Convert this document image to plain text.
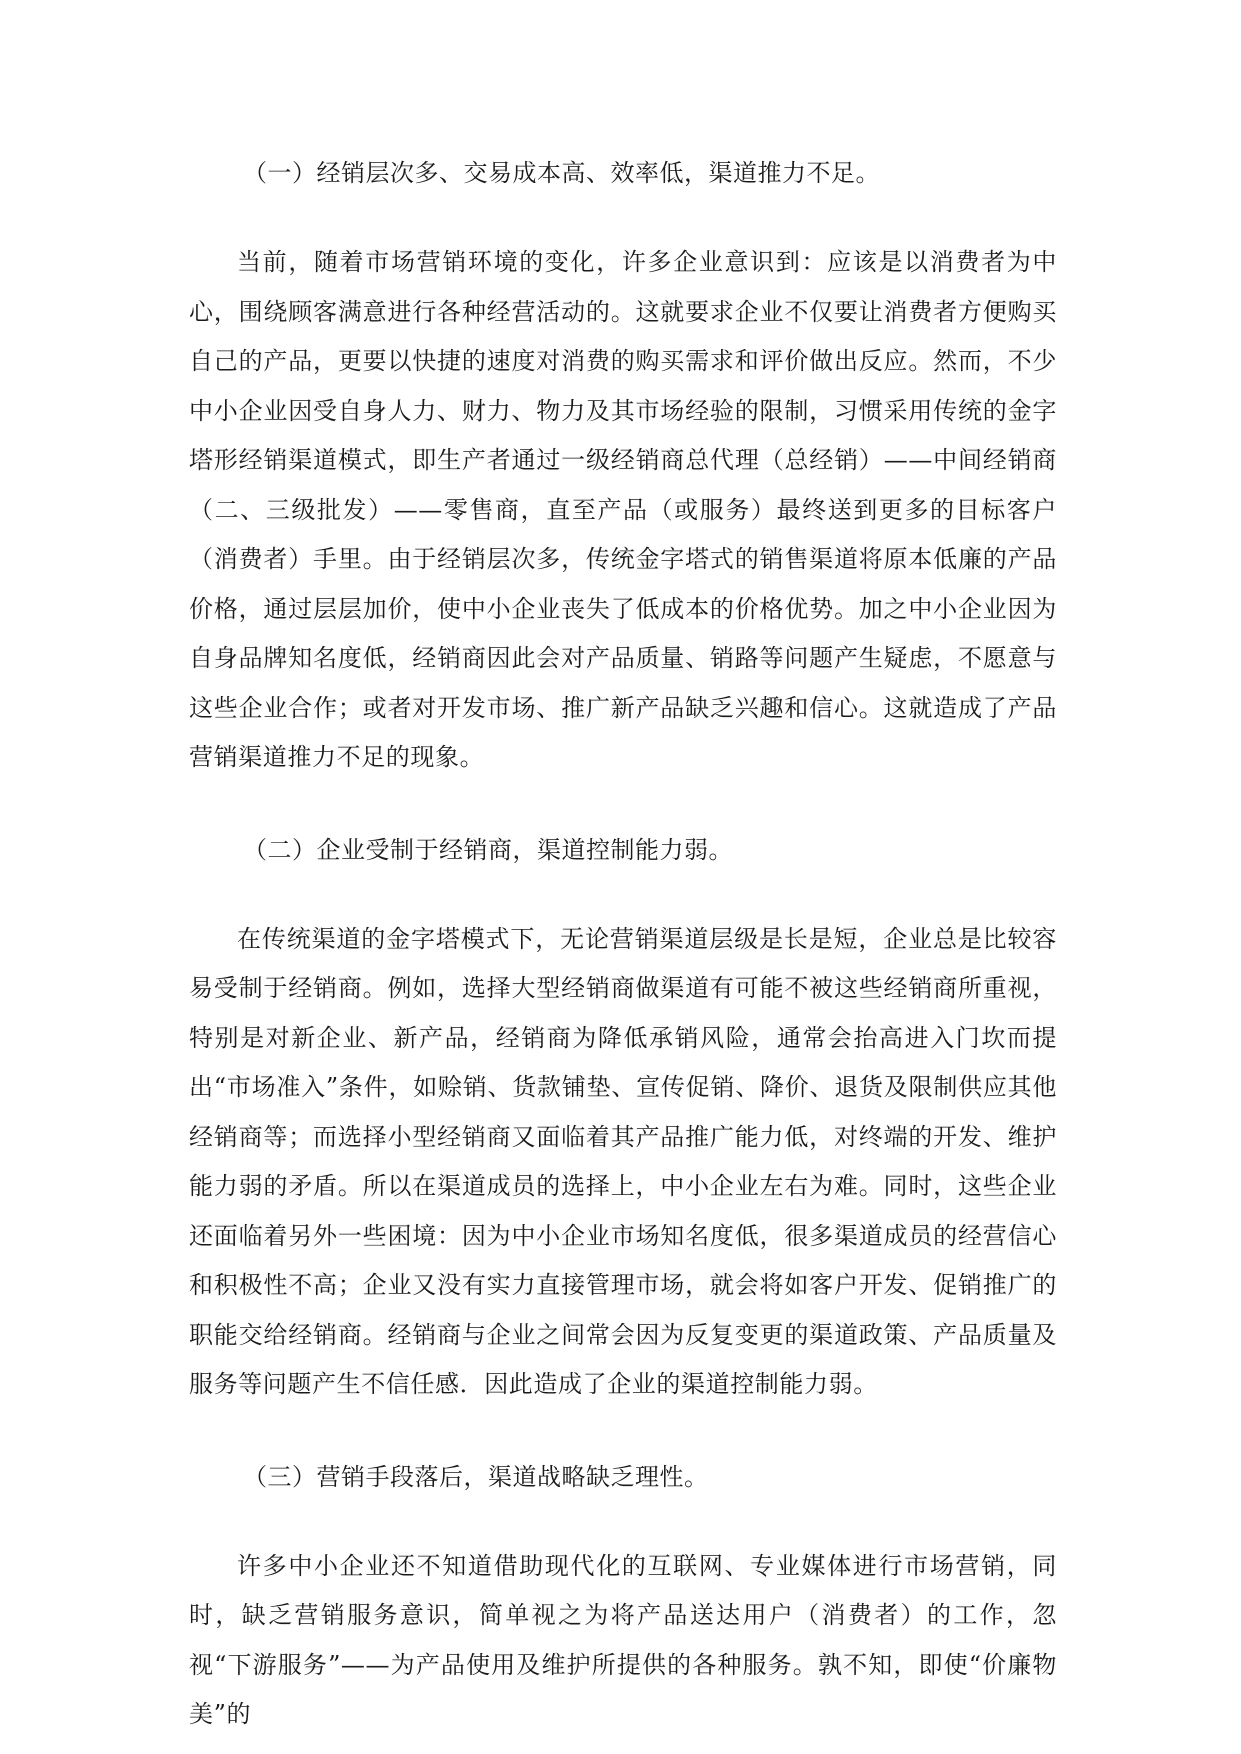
（一）经销层次多、交易成本高、效率低，渠道推力不足。

当前，随着市场营销环境的变化，许多企业意识到：应该是以消费者为中心，围绕顾客满意进行各种经营活动的。这就要求企业不仅要让消费者方便购买自己的产品，更要以快捷的速度对消费的购买需求和评价做出反应。然而，不少中小企业因受自身人力、财力、物力及其市场经验的限制，习惯采用传统的金字塔形经销渠道模式，即生产者通过一级经销商总代理（总经销）——中间经销商（二、三级批发）——零售商，直至产品（或服务）最终送到更多的目标客户（消费者）手里。由于经销层次多，传统金字塔式的销售渠道将原本低廉的产品价格，通过层层加价，使中小企业丧失了低成本的价格优势。加之中小企业因为自身品牌知名度低，经销商因此会对产品质量、销路等问题产生疑虑，不愿意与这些企业合作；或者对开发市场、推广新产品缺乏兴趣和信心。这就造成了产品营销渠道推力不足的现象。

（二）企业受制于经销商，渠道控制能力弱。

在传统渠道的金字塔模式下，无论营销渠道层级是长是短，企业总是比较容易受制于经销商。例如，选择大型经销商做渠道有可能不被这些经销商所重视，特别是对新企业、新产品，经销商为降低承销风险，通常会抬高进入门坎而提出“市场准入”条件，如赊销、货款铺垫、宣传促销、降价、退货及限制供应其他经销商等；而选择小型经销商又面临着其产品推广能力低，对终端的开发、维护能力弱的矛盾。所以在渠道成员的选择上，中小企业左右为难。同时，这些企业还面临着另外一些困境：因为中小企业市场知名度低，很多渠道成员的经营信心和积极性不高；企业又没有实力直接管理市场，就会将如客户开发、促销推广的职能交给经销商。经销商与企业之间常会因为反复变更的渠道政策、产品质量及服务等问题产生不信任感．因此造成了企业的渠道控制能力弱。

（三）营销手段落后，渠道战略缺乏理性。

许多中小企业还不知道借助现代化的互联网、专业媒体进行市场营销，同时，缺乏营销服务意识，简单视之为将产品送达用户（消费者）的工作，忽视“下游服务”——为产品使用及维护所提供的各种服务。孰不知，即使“价廉物美”的
